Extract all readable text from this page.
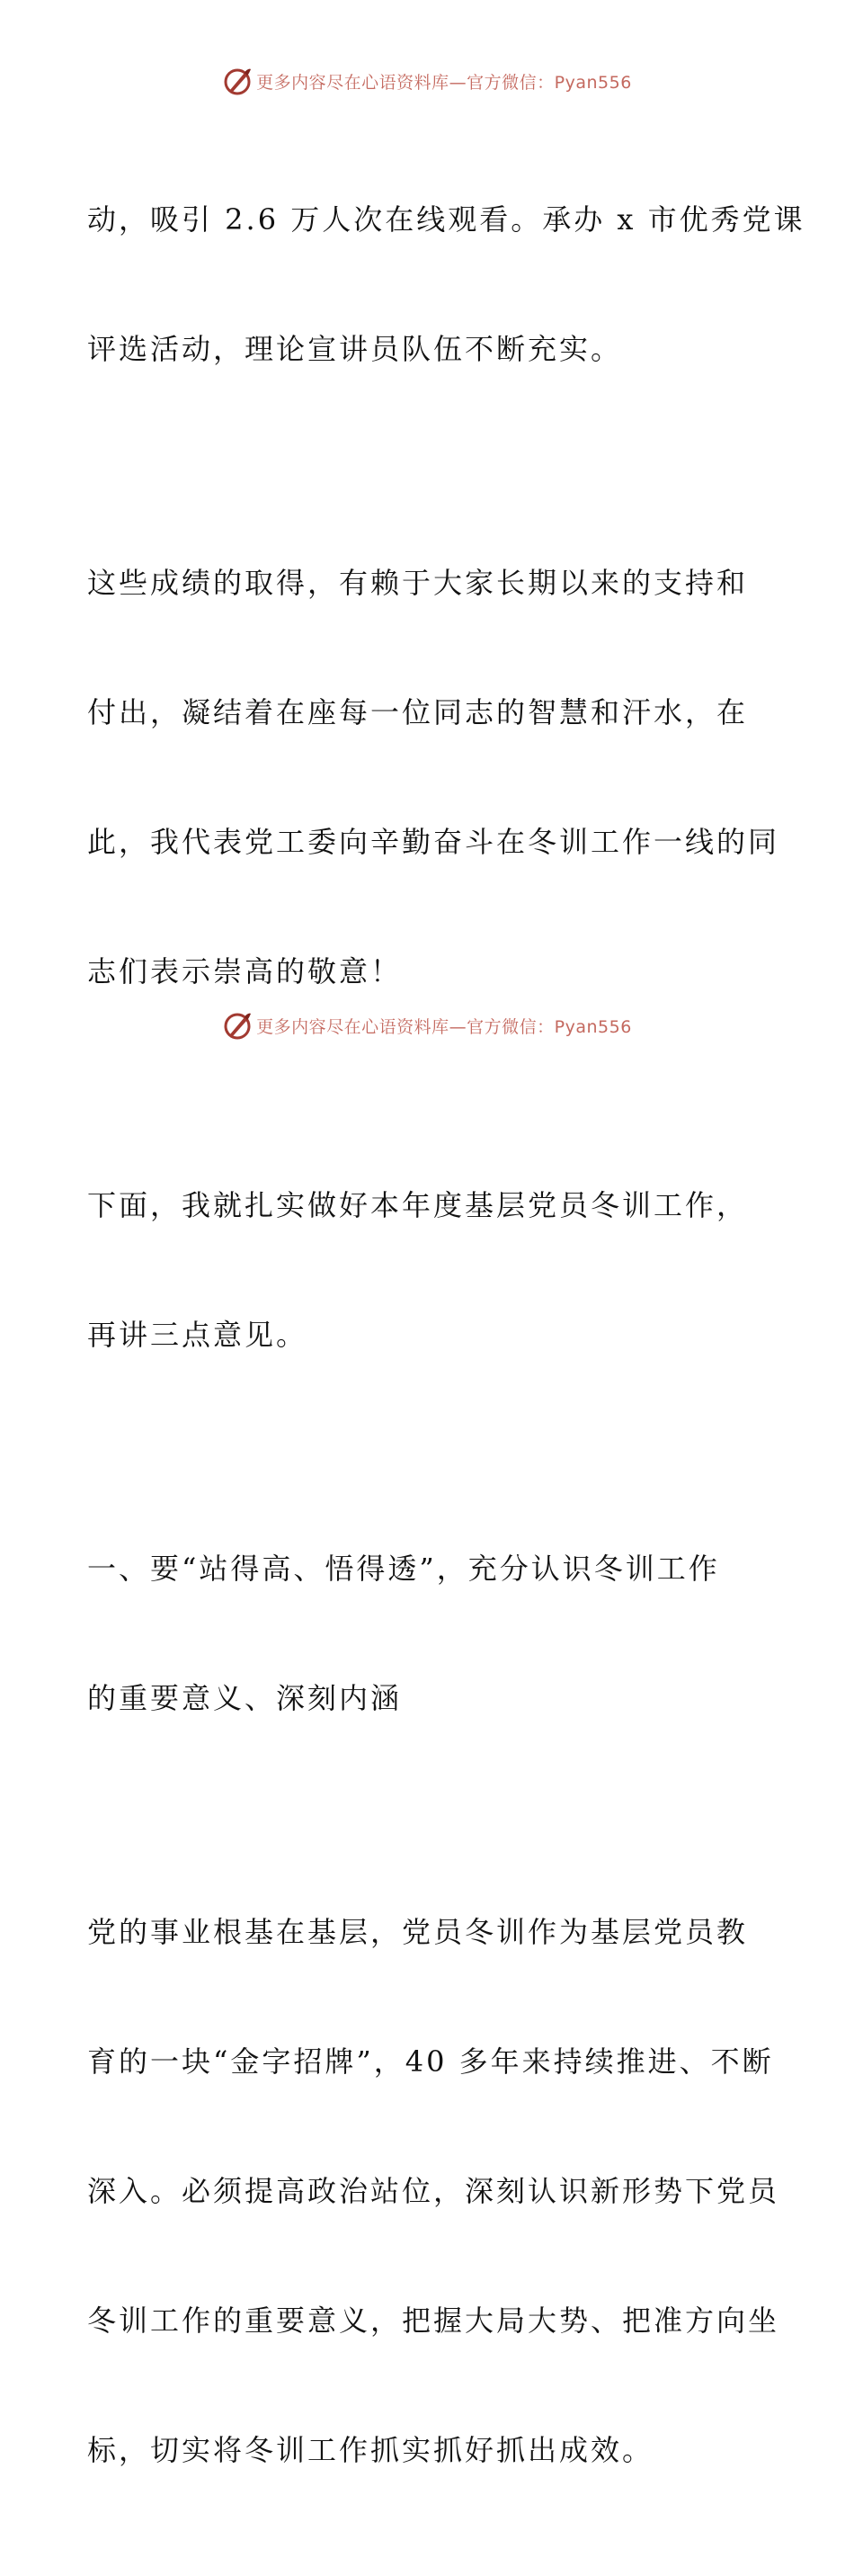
更多内容尽在心语资料库—官方微信：Pyan556

动，吸引 2.6 万人次在线观看。承办 x 市优秀党课

评选活动，理论宣讲员队伍不断充实。

这些成绩的取得，有赖于大家长期以来的支持和

付出，凝结着在座每一位同志的智慧和汗水，在

此，我代表党工委向辛勤奋斗在冬训工作一线的同

志们表示崇高的敬意！

下面，我就扎实做好本年度基层党员冬训工作，

再讲三点意见。

一、要“站得高、悟得透”，充分认识冬训工作

的重要意义、深刻内涵

党的事业根基在基层，党员冬训作为基层党员教

育的一块“金字招牌”，40 多年来持续推进、不断

深入。必须提高政治站位，深刻认识新形势下党员

冬训工作的重要意义，把握大局大势、把准方向坐

标，切实将冬训工作抓实抓好抓出成效。

更多内容尽在心语资料库—官方微信：Pyan556
